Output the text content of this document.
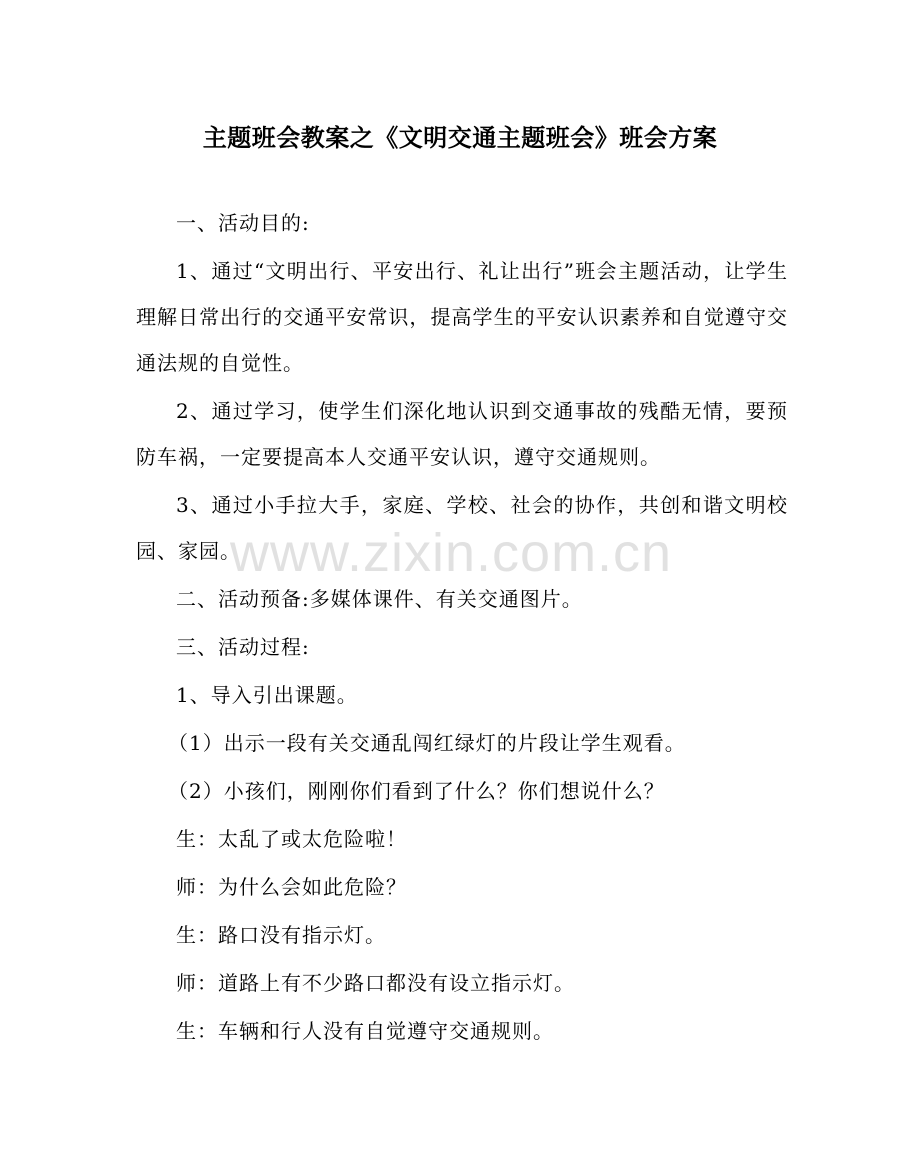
主题班会教案之《文明交通主题班会》班会方案

一、活动目的:

1、通过“文明出行、平安出行、礼让出行”班会主题活动，让学生理解日常出行的交通平安常识，提高学生的平安认识素养和自觉遵守交通法规的自觉性。

2、通过学习，使学生们深化地认识到交通事故的残酷无情，要预防车祸，一定要提高本人交通平安认识，遵守交通规则。

3、通过小手拉大手，家庭、学校、社会的协作，共创和谐文明校园、家园。

二、活动预备:多媒体课件、有关交通图片。

三、活动过程:

1、导入引出课题。

（1）出示一段有关交通乱闯红绿灯的片段让学生观看。

（2）小孩们，刚刚你们看到了什么？你们想说什么？

生：太乱了或太危险啦！

师：为什么会如此危险？

生：路口没有指示灯。

师：道路上有不少路口都没有设立指示灯。

生：车辆和行人没有自觉遵守交通规则。

www.zixin.com.cn
